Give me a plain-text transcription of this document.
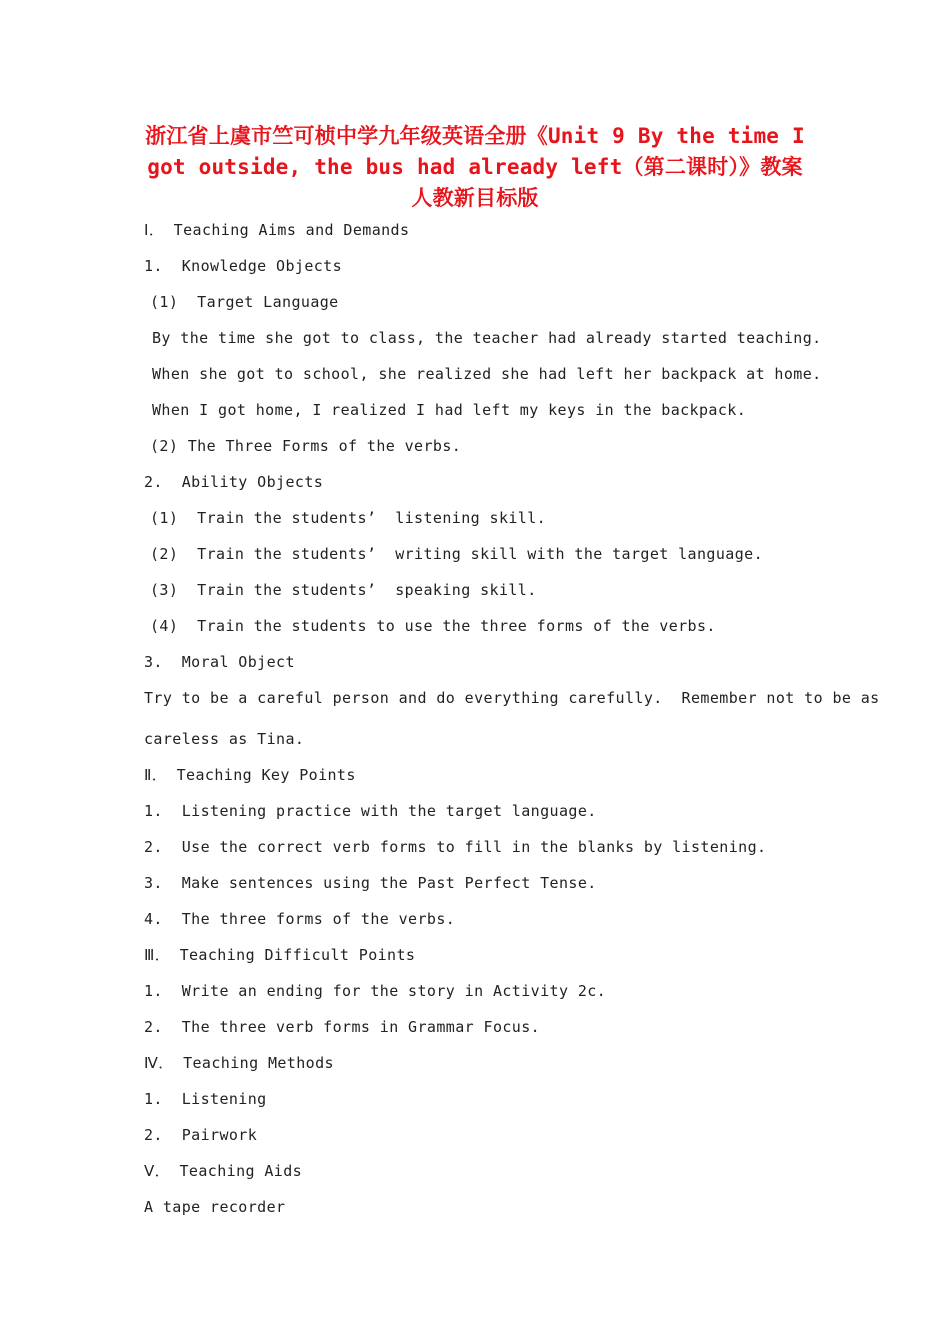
浙江省上虞市竺可桢中学九年级英语全册《Unit 9 By the time I got outside, the bus had already left（第二课时）》教案 人教新目标版
Ⅰ． Teaching Aims and Demands
1.  Knowledge Objects
(1)  Target Language
By the time she got to class, the teacher had already started teaching.
When she got to school, she realized she had left her backpack at home.
When I got home, I realized I had left my keys in the backpack.
(2) The Three Forms of the verbs.
2.  Ability Objects
(1)  Train the students’  listening skill.
(2)  Train the students’  writing skill with the target language.
(3)  Train the students’  speaking skill.
(4)  Train the students to use the three forms of the verbs.
3.  Moral Object
Try to be a careful person and do everything carefully.  Remember not to be as
careless as Tina.
Ⅱ． Teaching Key Points
1.  Listening practice with the target language.
2.  Use the correct verb forms to fill in the blanks by listening.
3.  Make sentences using the Past Perfect Tense.
4.  The three forms of the verbs.
Ⅲ． Teaching Difficult Points
1.  Write an ending for the story in Activity 2c.
2.  The three verb forms in Grammar Focus.
Ⅳ． Teaching Methods
1.  Listening
2.  Pairwork
Ⅴ． Teaching Aids
A tape recorder
